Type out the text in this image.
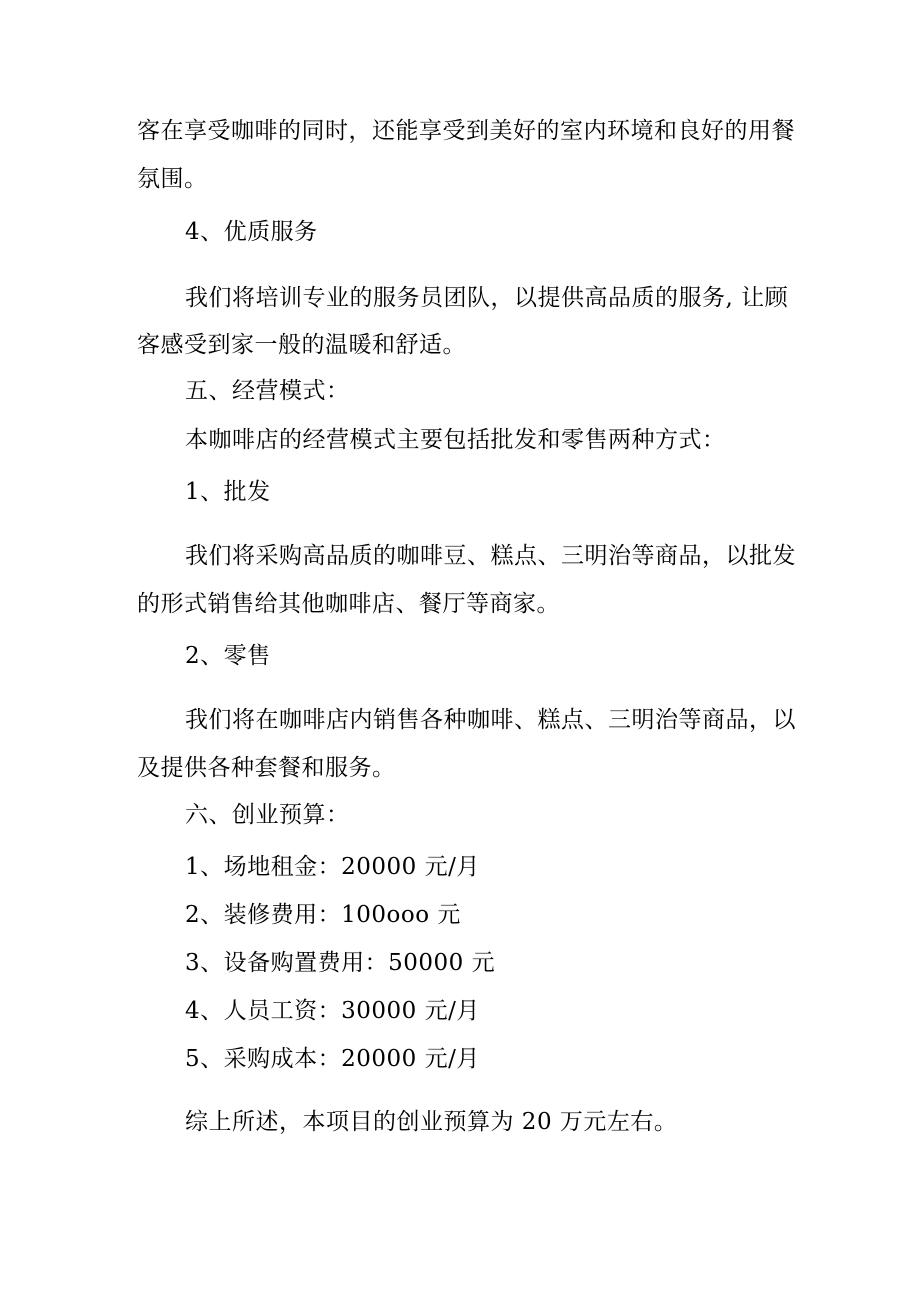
客在享受咖啡的同时，还能享受到美好的室内环境和良好的用餐
氛围。
4、优质服务
我们将培训专业的服务员团队，以提供高品质的服务, 让顾
客感受到家一般的温暖和舒适。
五、经营模式：
本咖啡店的经营模式主要包括批发和零售两种方式：
1、批发
我们将采购高品质的咖啡豆、糕点、三明治等商品，以批发
的形式销售给其他咖啡店、餐厅等商家。
2、零售
我们将在咖啡店内销售各种咖啡、糕点、三明治等商品，以
及提供各种套餐和服务。
六、创业预算：
1、场地租金：20000 元/月
2、装修费用：100ooo 元
3、设备购置费用：50000 元
4、人员工资：30000 元/月
5、采购成本：20000 元/月
综上所述，本项目的创业预算为 20 万元左右。
